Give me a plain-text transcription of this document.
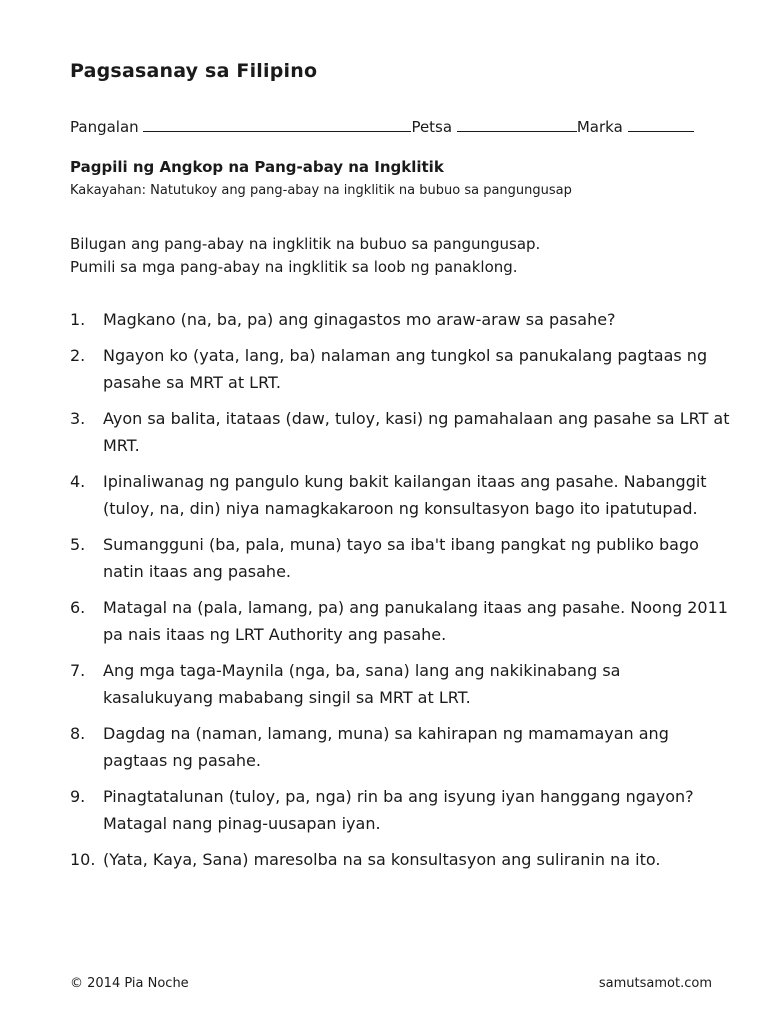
Pagsasanay sa Filipino
Pangalan	Petsa	Marka
Pagpili ng Angkop na Pang-abay na Ingklitik
Kakayahan: Natutukoy ang pang-abay na ingklitik na bubuo sa pangungusap
Bilugan ang pang-abay na ingklitik na bubuo sa pangungusap.
Pumili sa mga pang-abay na ingklitik sa loob ng panaklong.
1.	Magkano (na, ba, pa) ang ginagastos mo araw-araw sa pasahe?
2.	Ngayon ko (yata, lang, ba) nalaman ang tungkol sa panukalang pagtaas ng pasahe sa MRT at LRT.
3.	Ayon sa balita, itataas (daw, tuloy, kasi) ng pamahalaan ang pasahe sa LRT at MRT.
4.	Ipinaliwanag ng pangulo kung bakit kailangan itaas ang pasahe. Nabanggit (tuloy, na, din) niya namagkakaroon ng konsultasyon bago ito ipatutupad.
5.	Sumangguni (ba, pala, muna) tayo sa iba't ibang pangkat ng publiko bago natin itaas ang pasahe.
6.	Matagal na (pala, lamang, pa) ang panukalang itaas ang pasahe. Noong 2011 pa nais itaas ng LRT Authority ang pasahe.
7.	Ang mga taga-Maynila (nga, ba, sana) lang ang nakikinabang sa kasalukuyang mababang singil sa MRT at LRT.
8.	Dagdag na (naman, lamang, muna) sa kahirapan ng mamamayan ang pagtaas ng pasahe.
9.	Pinagtatalunan (tuloy, pa, nga) rin ba ang isyung iyan hanggang ngayon? Matagal nang pinag-uusapan iyan.
10. (Yata, Kaya, Sana) maresolba na sa konsultasyon ang suliranin na ito.
© 2014 Pia Noche	samutsamot.com
